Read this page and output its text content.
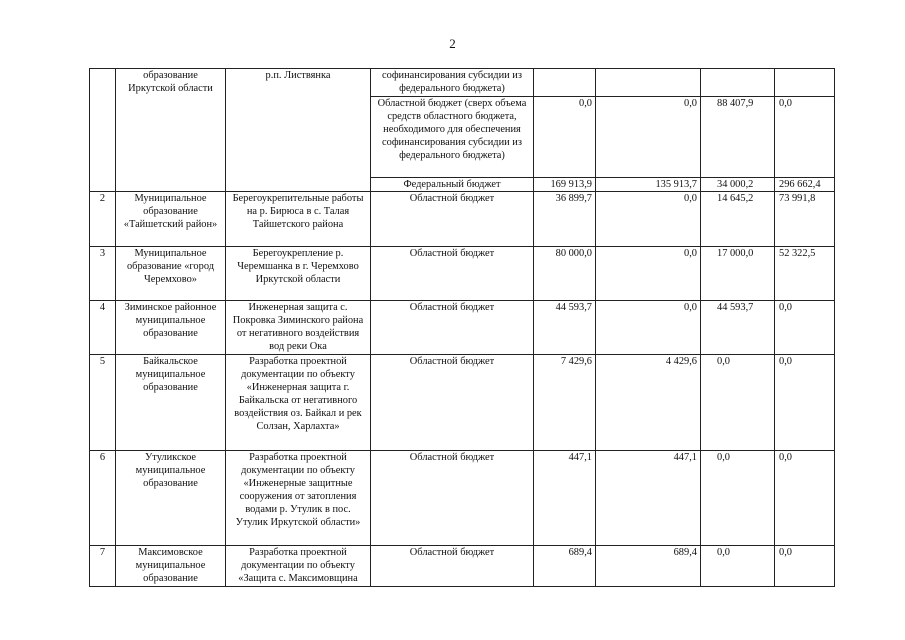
2
	образование Иркутской области	р.п. Листвянка	софинансирования субсидии из федерального бюджета)				
			Областной бюджет (сверх объема средств областного бюджета, необходимого для обеспечения софинансирования субсидии из федерального бюджета)	0,0	0,0	88 407,9	0,0
			Федеральный бюджет	169 913,9	135 913,7	34 000,2	296 662,4
2	Муниципальное образование «Тайшетский район»	Берегоукрепительные работы на р. Бирюса в с. Талая Тайшетского района	Областной бюджет	36 899,7	0,0	14 645,2	73 991,8
3	Муниципальное образование «город Черемхово»	Берегоукрепление р. Черемшанка в г. Черемхово Иркутской области	Областной бюджет	80 000,0	0,0	17 000,0	52 322,5
4	Зиминское районное муниципальное образование	Инженерная защита с. Покровка Зиминского района от негативного воздействия вод реки Ока	Областной бюджет	44 593,7	0,0	44 593,7	0,0
5	Байкальское муниципальное образование	Разработка проектной документации по объекту «Инженерная защита г. Байкальска от негативного воздействия оз. Байкал и рек Солзан, Харлахта»	Областной бюджет	7 429,6	4 429,6	0,0	0,0
6	Утуликское муниципальное образование	Разработка проектной документации по объекту «Инженерные защитные сооружения от затопления водами р. Утулик в пос. Утулик Иркутской области»	Областной бюджет	447,1	447,1	0,0	0,0
7	Максимовское муниципальное образование	Разработка проектной документации по объекту «Защита с. Максимовщина	Областной бюджет	689,4	689,4	0,0	0,0
